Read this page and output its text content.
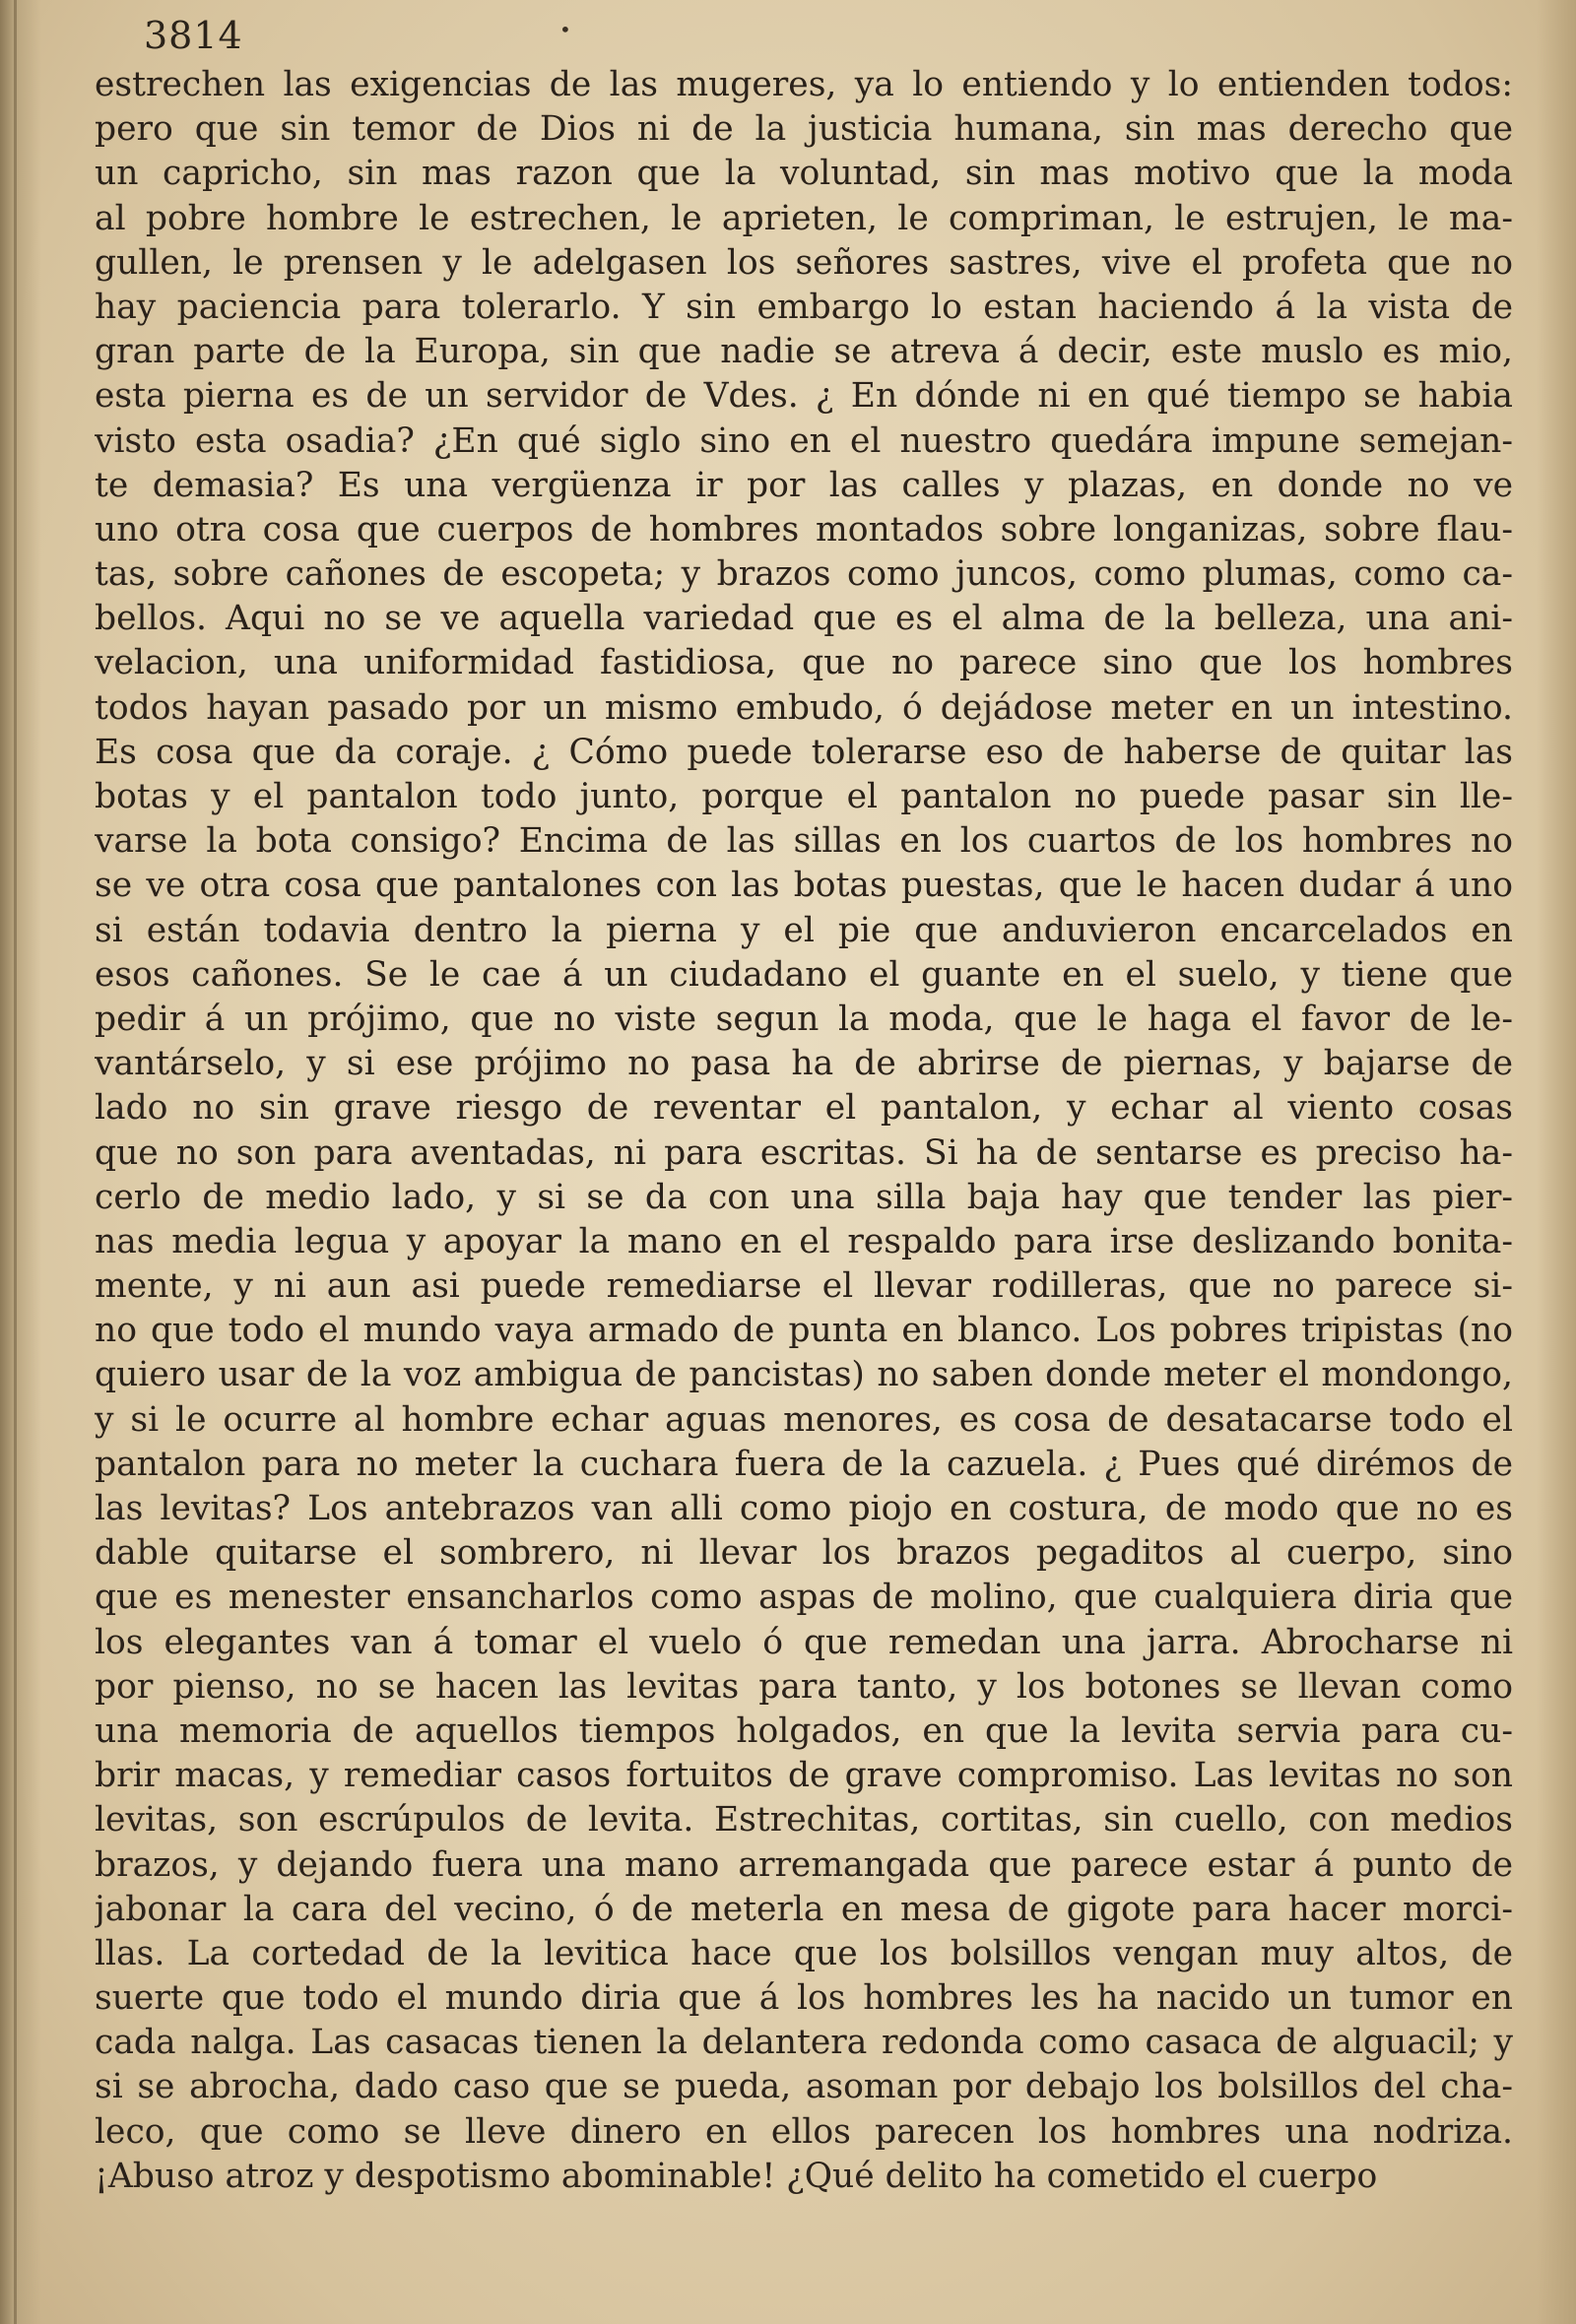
3814	•
estrechen las exigencias de las mugeres, ya lo entiendo y lo entienden todos:
pero que sin temor de Dios ni de la justicia humana, sin mas derecho que
un capricho, sin mas razon que la voluntad, sin mas motivo que la moda
al pobre hombre le estrechen, le aprieten, le compriman, le estrujen, le ma-
gullen, le prensen y le adelgasen los señores sastres, vive el profeta que no
hay paciencia para tolerarlo. Y sin embargo lo estan haciendo á la vista de
gran parte de la Europa, sin que nadie se atreva á decir, este muslo es mio,
esta pierna es de un servidor de Vdes. ¿ En dónde ni en qué tiempo se habia
visto esta osadia? ¿En qué siglo sino en el nuestro quedára impune semejan-
te demasia? Es una vergüenza ir por las calles y plazas, en donde no ve
uno otra cosa que cuerpos de hombres montados sobre longanizas, sobre flau-
tas, sobre cañones de escopeta; y brazos como juncos, como plumas, como ca-
bellos. Aqui no se ve aquella variedad que es el alma de la belleza, una ani-
velacion, una uniformidad fastidiosa, que no parece sino que los hombres
todos hayan pasado por un mismo embudo, ó dejádose meter en un intestino.
Es cosa que da coraje. ¿ Cómo puede tolerarse eso de haberse de quitar las
botas y el pantalon todo junto, porque el pantalon no puede pasar sin lle-
varse la bota consigo? Encima de las sillas en los cuartos de los hombres no
se ve otra cosa que pantalones con las botas puestas, que le hacen dudar á uno
si están todavia dentro la pierna y el pie que anduvieron encarcelados en
esos cañones. Se le cae á un ciudadano el guante en el suelo, y tiene que
pedir á un prójimo, que no viste segun la moda, que le haga el favor de le-
vantárselo, y si ese prójimo no pasa ha de abrirse de piernas, y bajarse de
lado no sin grave riesgo de reventar el pantalon, y echar al viento cosas
que no son para aventadas, ni para escritas. Si ha de sentarse es preciso ha-
cerlo de medio lado, y si se da con una silla baja hay que tender las pier-
nas media legua y apoyar la mano en el respaldo para irse deslizando bonita-
mente, y ni aun asi puede remediarse el llevar rodilleras, que no parece si-
no que todo el mundo vaya armado de punta en blanco. Los pobres tripistas (no
quiero usar de la voz ambigua de pancistas) no saben donde meter el mondongo,
y si le ocurre al hombre echar aguas menores, es cosa de desatacarse todo el
pantalon para no meter la cuchara fuera de la cazuela. ¿ Pues qué dirémos de
las levitas? Los antebrazos van alli como piojo en costura, de modo que no es
dable quitarse el sombrero, ni llevar los brazos pegaditos al cuerpo, sino
que es menester ensancharlos como aspas de molino, que cualquiera diria que
los elegantes van á tomar el vuelo ó que remedan una jarra. Abrocharse ni
por pienso, no se hacen las levitas para tanto, y los botones se llevan como
una memoria de aquellos tiempos holgados, en que la levita servia para cu-
brir macas, y remediar casos fortuitos de grave compromiso. Las levitas no son
levitas, son escrúpulos de levita. Estrechitas, cortitas, sin cuello, con medios
brazos, y dejando fuera una mano arremangada que parece estar á punto de
jabonar la cara del vecino, ó de meterla en mesa de gigote para hacer morci-
llas. La cortedad de la levitica hace que los bolsillos vengan muy altos, de
suerte que todo el mundo diria que á los hombres les ha nacido un tumor en
cada nalga. Las casacas tienen la delantera redonda como casaca de alguacil; y
si se abrocha, dado caso que se pueda, asoman por debajo los bolsillos del cha-
leco, que como se lleve dinero en ellos parecen los hombres una nodriza.
¡Abuso atroz y despotismo abominable! ¿Qué delito ha cometido el cuerpo
